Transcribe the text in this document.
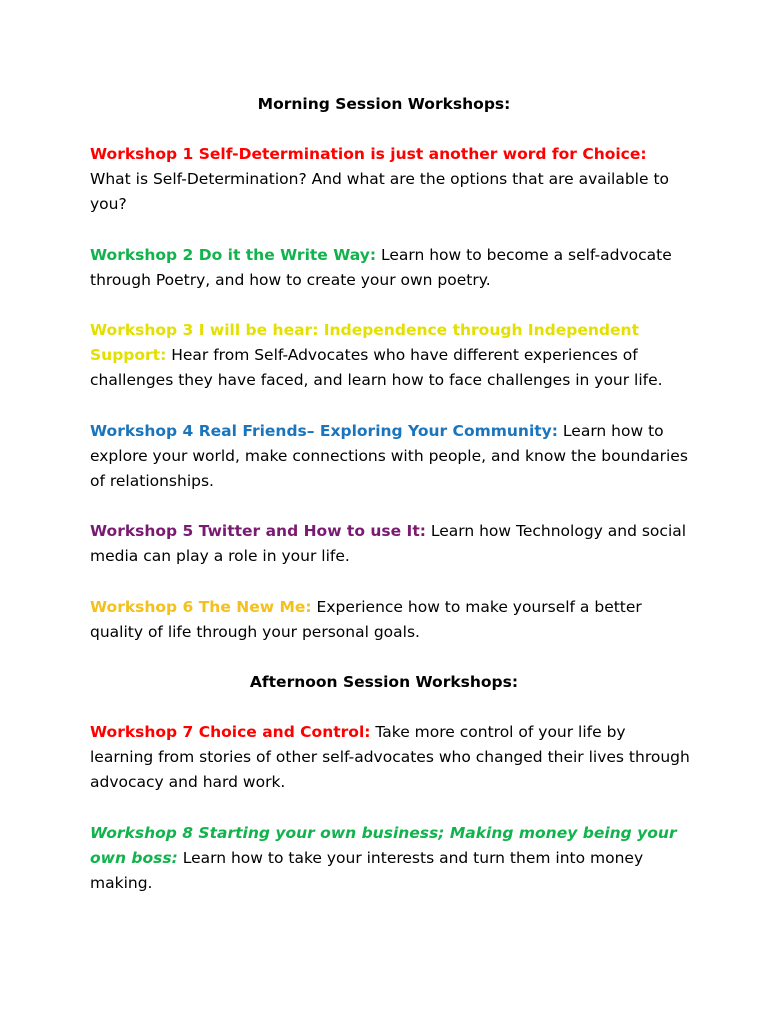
Morning Session Workshops:

Workshop 1 Self-Determination is just another word for Choice: What is Self-Determination? And what are the options that are available to you?

Workshop 2 Do it the Write Way: Learn how to become a self-advocate through Poetry, and how to create your own poetry.

Workshop 3 I will be hear: Independence through Independent Support: Hear from Self-Advocates who have different experiences of challenges they have faced, and learn how to face challenges in your life.

Workshop 4 Real Friends– Exploring Your Community: Learn how to explore your world, make connections with people, and know the boundaries of relationships.

Workshop 5 Twitter and How to use It: Learn how Technology and social media can play a role in your life.

Workshop 6 The New Me: Experience how to make yourself a better quality of life through your personal goals.

Afternoon Session Workshops:

Workshop 7 Choice and Control: Take more control of your life by learning from stories of other self-advocates who changed their lives through advocacy and hard work.

Workshop 8 Starting your own business; Making money being your own boss: Learn how to take your interests and turn them into money making.
